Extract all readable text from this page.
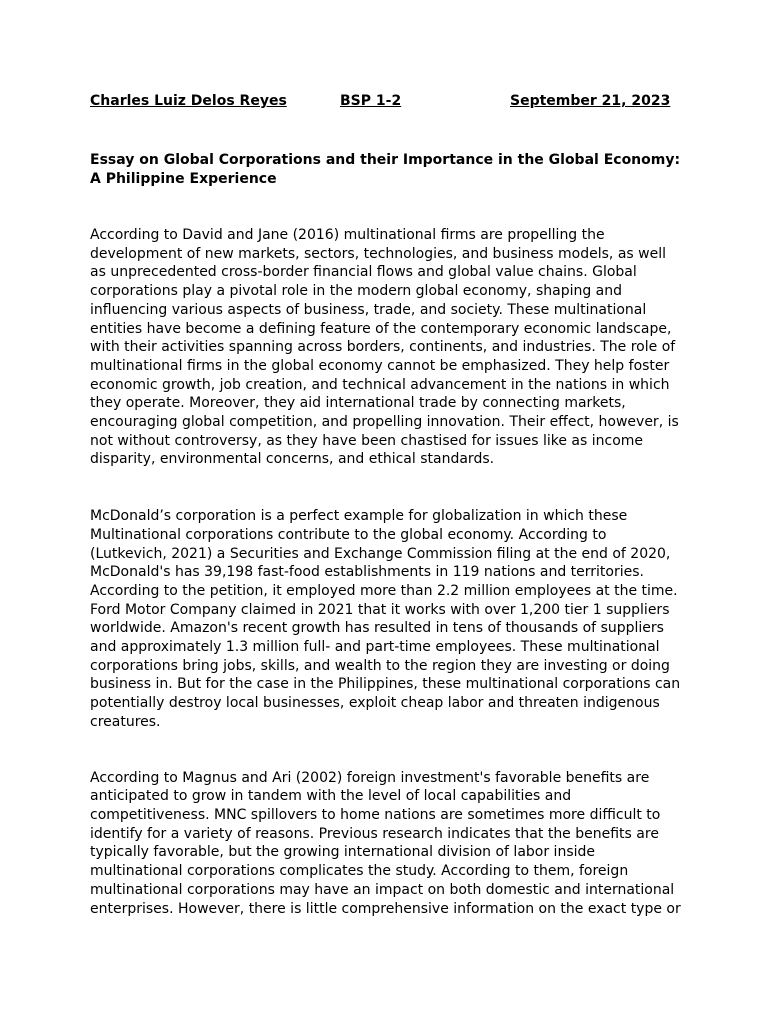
Charles Luiz Delos Reyes	BSP 1-2	September 21, 2023
Essay on Global Corporations and their Importance in the Global Economy:
A Philippine Experience
According to David and Jane (2016) multinational firms are propelling the
development of new markets, sectors, technologies, and business models, as well
as unprecedented cross-border financial flows and global value chains. Global
corporations play a pivotal role in the modern global economy, shaping and
influencing various aspects of business, trade, and society. These multinational
entities have become a defining feature of the contemporary economic landscape,
with their activities spanning across borders, continents, and industries. The role of
multinational firms in the global economy cannot be emphasized. They help foster
economic growth, job creation, and technical advancement in the nations in which
they operate. Moreover, they aid international trade by connecting markets,
encouraging global competition, and propelling innovation. Their effect, however, is
not without controversy, as they have been chastised for issues like as income
disparity, environmental concerns, and ethical standards.
McDonald’s corporation is a perfect example for globalization in which these
Multinational corporations contribute to the global economy. According to
(Lutkevich, 2021) a Securities and Exchange Commission filing at the end of 2020,
McDonald's has 39,198 fast-food establishments in 119 nations and territories.
According to the petition, it employed more than 2.2 million employees at the time.
Ford Motor Company claimed in 2021 that it works with over 1,200 tier 1 suppliers
worldwide. Amazon's recent growth has resulted in tens of thousands of suppliers
and approximately 1.3 million full- and part-time employees. These multinational
corporations bring jobs, skills, and wealth to the region they are investing or doing
business in. But for the case in the Philippines, these multinational corporations can
potentially destroy local businesses, exploit cheap labor and threaten indigenous
creatures.
According to Magnus and Ari (2002) foreign investment's favorable benefits are
anticipated to grow in tandem with the level of local capabilities and
competitiveness. MNC spillovers to home nations are sometimes more difficult to
identify for a variety of reasons. Previous research indicates that the benefits are
typically favorable, but the growing international division of labor inside
multinational corporations complicates the study. According to them, foreign
multinational corporations may have an impact on both domestic and international
enterprises. However, there is little comprehensive information on the exact type or
